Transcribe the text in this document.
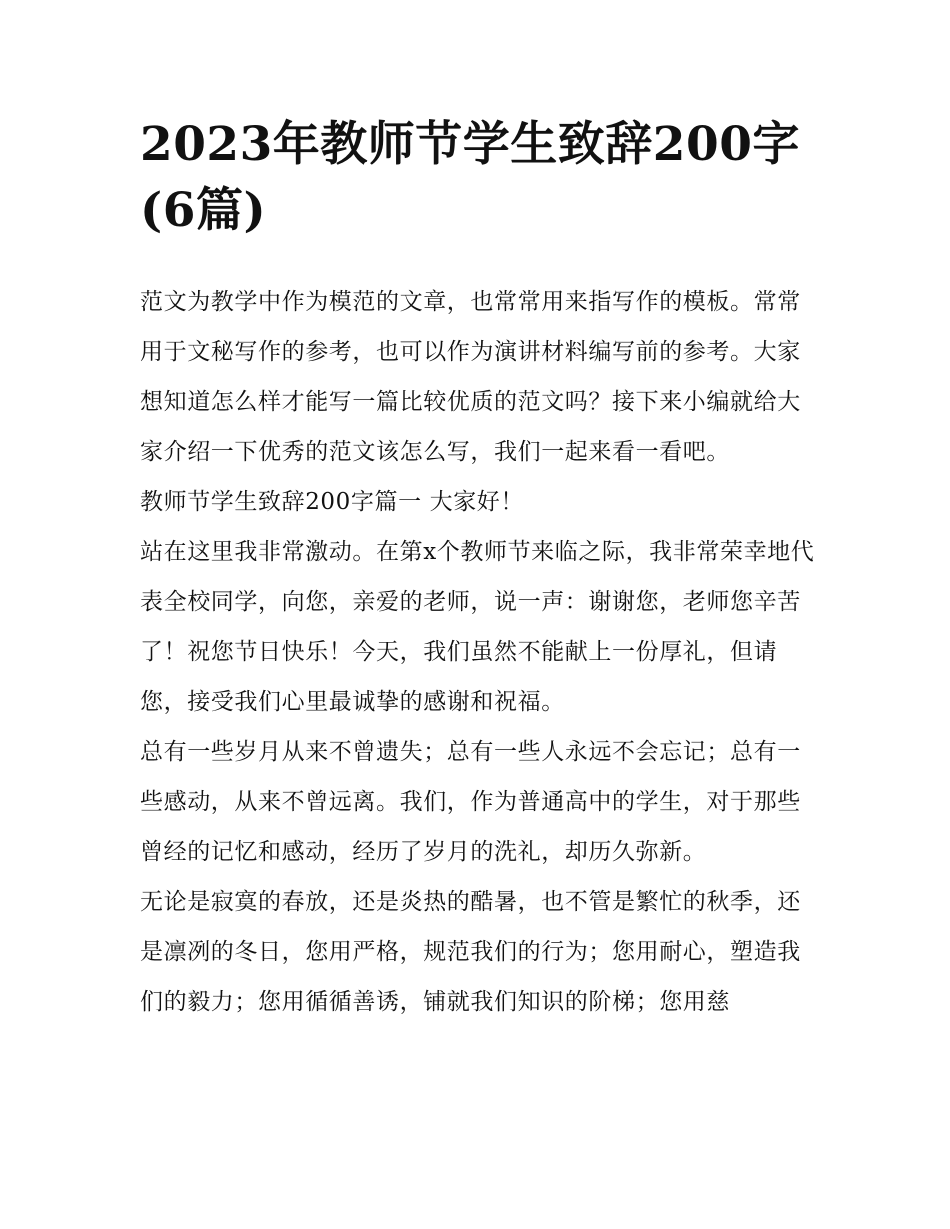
2023年教师节学生致辞200字(6篇)

范文为教学中作为模范的文章，也常常用来指写作的模板。常常用于文秘写作的参考，也可以作为演讲材料编写前的参考。大家想知道怎么样才能写一篇比较优质的范文吗？接下来小编就给大家介绍一下优秀的范文该怎么写，我们一起来看一看吧。

教师节学生致辞200字篇一 大家好！

站在这里我非常激动。在第x个教师节来临之际，我非常荣幸地代表全校同学，向您，亲爱的老师，说一声：谢谢您，老师您辛苦了！祝您节日快乐！今天，我们虽然不能献上一份厚礼，但请您，接受我们心里最诚挚的感谢和祝福。

总有一些岁月从来不曾遗失；总有一些人永远不会忘记；总有一些感动，从来不曾远离。我们，作为普通高中的学生，对于那些曾经的记忆和感动，经历了岁月的洗礼，却历久弥新。

无论是寂寞的春放，还是炎热的酷暑，也不管是繁忙的秋季，还是凛冽的冬日，您用严格，规范我们的行为；您用耐心，塑造我们的毅力；您用循循善诱，铺就我们知识的阶梯；您用慈
